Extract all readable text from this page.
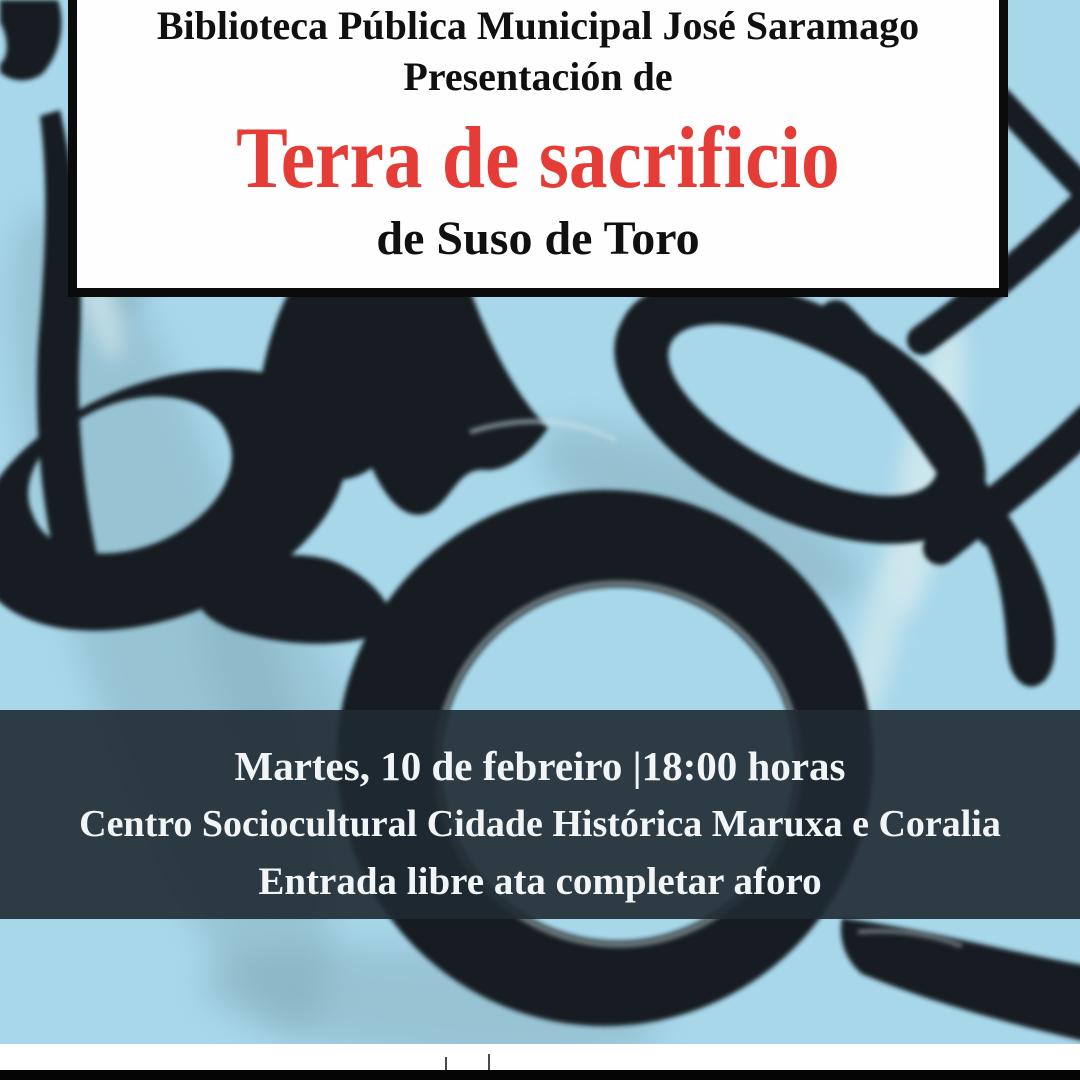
Biblioteca Pública Municipal José Saramago
Presentación de
Terra de sacrificio
de Suso de Toro
Martes, 10 de febreiro |18:00 horas
Centro Sociocultural Cidade Histórica Maruxa e Coralia
Entrada libre ata completar aforo
